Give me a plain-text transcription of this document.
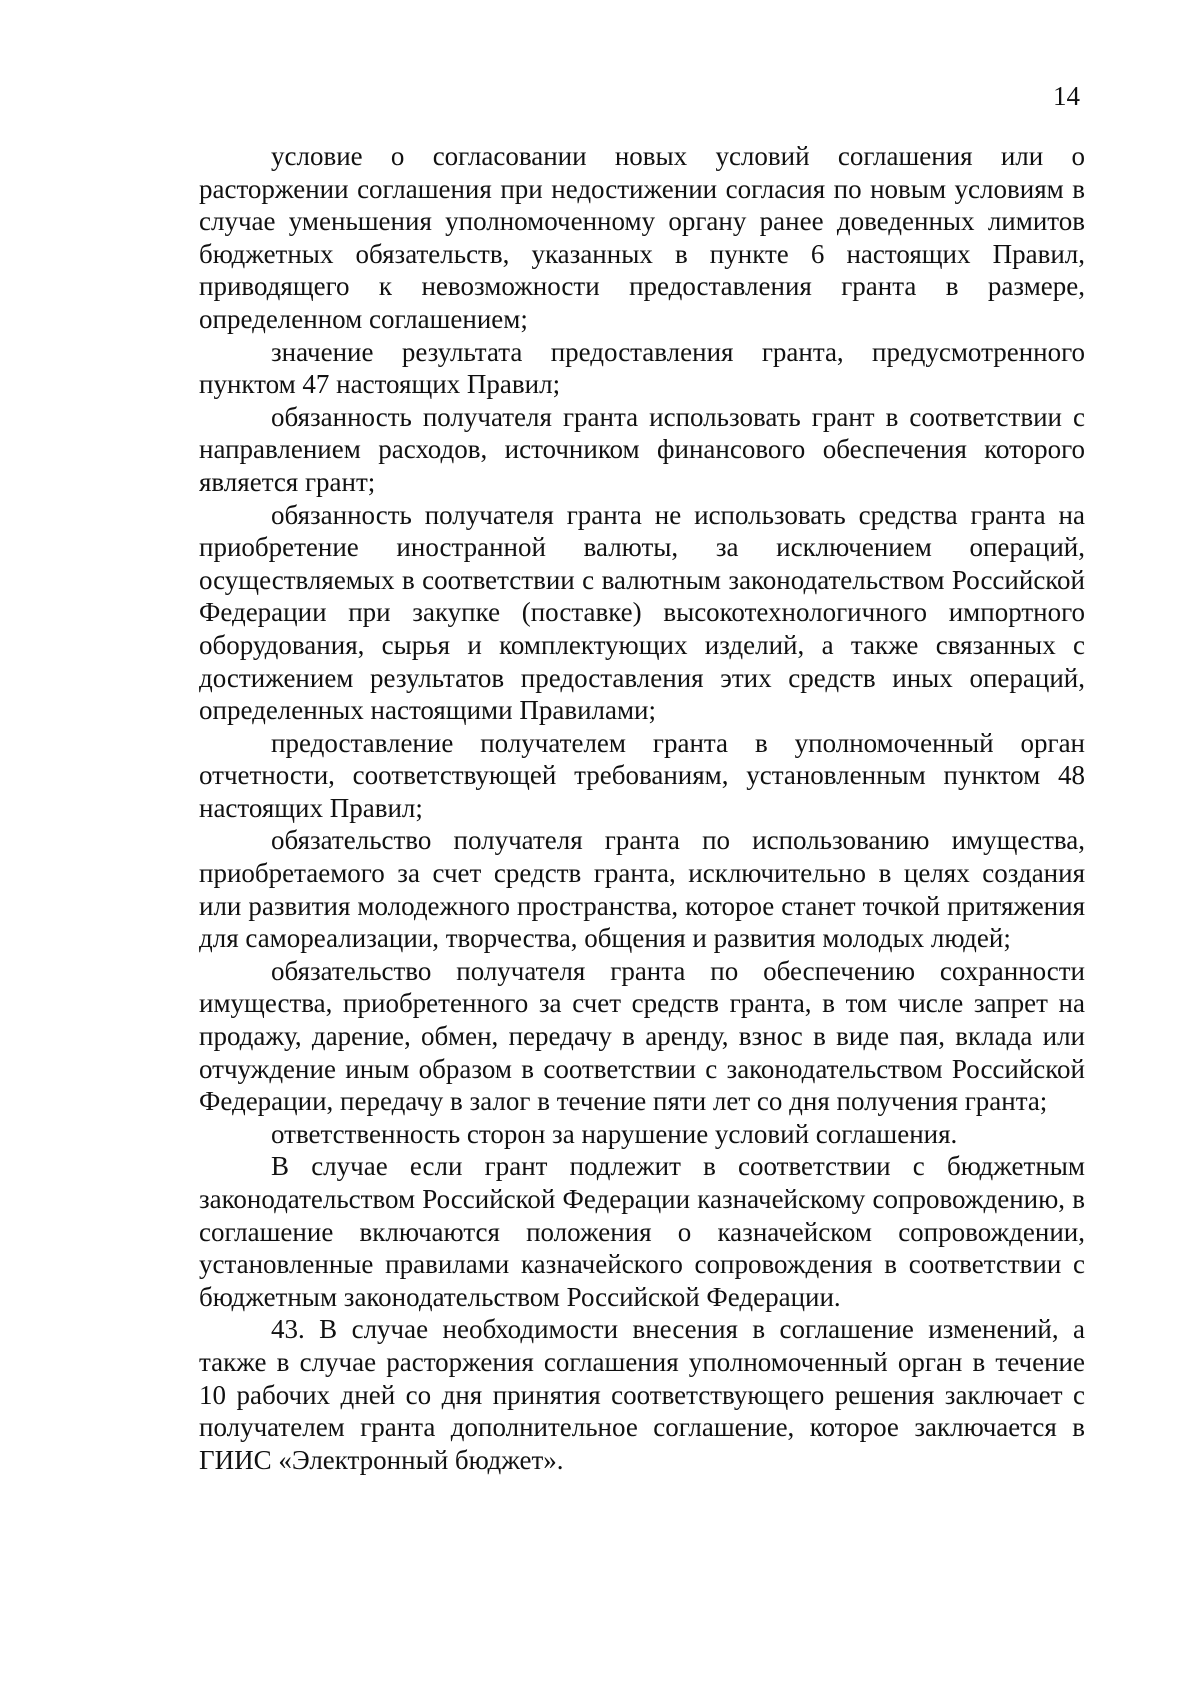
14

условие о согласовании новых условий соглашения или о расторжении соглашения при недостижении согласия по новым условиям в случае уменьшения уполномоченному органу ранее доведенных лимитов бюджетных обязательств, указанных в пункте 6 настоящих Правил, приводящего к невозможности предоставления гранта в размере, определенном соглашением;

значение результата предоставления гранта, предусмотренного пунктом 47 настоящих Правил;

обязанность получателя гранта использовать грант в соответствии с направлением расходов, источником финансового обеспечения которого является грант;

обязанность получателя гранта не использовать средства гранта на приобретение иностранной валюты, за исключением операций, осуществляемых в соответствии с валютным законодательством Российской Федерации при закупке (поставке) высокотехнологичного импортного оборудования, сырья и комплектующих изделий, а также связанных с достижением результатов предоставления этих средств иных операций, определенных настоящими Правилами;

предоставление получателем гранта в уполномоченный орган отчетности, соответствующей требованиям, установленным пунктом 48 настоящих Правил;

обязательство получателя гранта по использованию имущества, приобретаемого за счет средств гранта, исключительно в целях создания или развития молодежного пространства, которое станет точкой притяжения для самореализации, творчества, общения и развития молодых людей;

обязательство получателя гранта по обеспечению сохранности имущества, приобретенного за счет средств гранта, в том числе запрет на продажу, дарение, обмен, передачу в аренду, взнос в виде пая, вклада или отчуждение иным образом в соответствии с законодательством Российской Федерации, передачу в залог в течение пяти лет со дня получения гранта;

ответственность сторон за нарушение условий соглашения.

В случае если грант подлежит в соответствии с бюджетным законодательством Российской Федерации казначейскому сопровождению, в соглашение включаются положения о казначейском сопровождении, установленные правилами казначейского сопровождения в соответствии с бюджетным законодательством Российской Федерации.

43. В случае необходимости внесения в соглашение изменений, а также в случае расторжения соглашения уполномоченный орган в течение 10 рабочих дней со дня принятия соответствующего решения заключает с получателем гранта дополнительное соглашение, которое заключается в ГИИС «Электронный бюджет».
